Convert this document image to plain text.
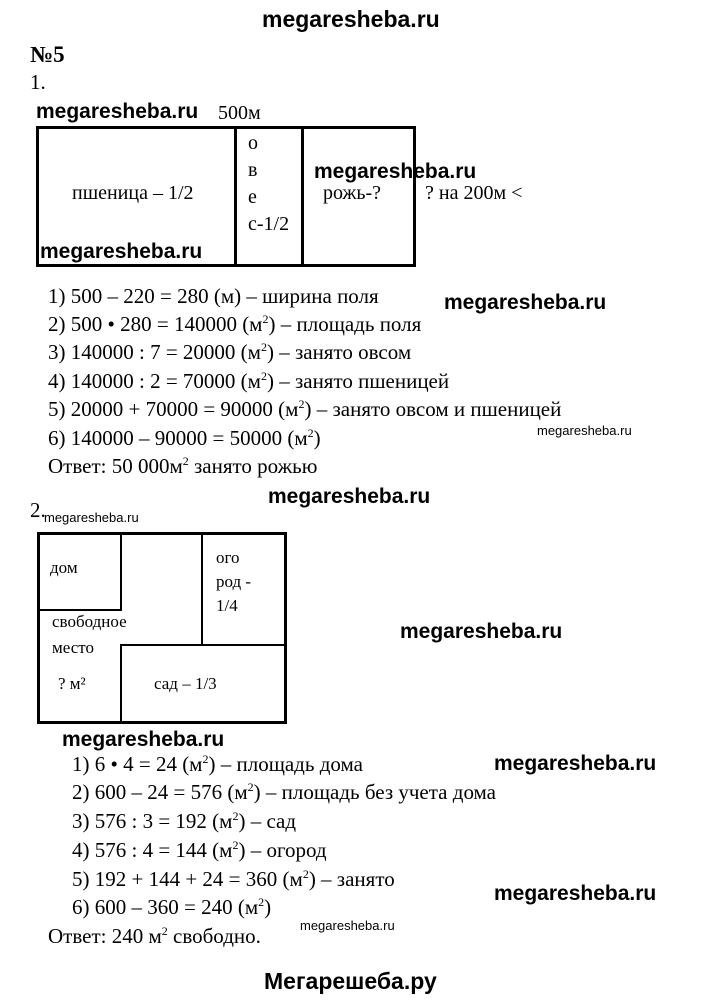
megaresheba.ru
№5
1.
megaresheba.ru 500м
пшеница – 1/2
о
в
е
с-1/2
megaresheba.ru
рожь-? ? на 200м <
megaresheba.ru
1) 500 – 220 = 280 (м) – ширина поля	megaresheba.ru
2) 500 • 280 = 140000 $(м^2)$ – площадь поля
3) 140000 : 7 = 20000 $(м^2)$ – занято овсом
4) 140000 : 2 = 70000 $(м^2)$ – занято пшеницей
5) 20000 + 70000 = 90000 $(м^2)$ – занято овсом и пшеницей
megaresheba.ru
6) 140000 – 90000 = 50000 $(м^2)$
Ответ: 50 $000м^2$ занято рожью
megaresheba.ru
2.
megaresheba.ru
дом
ого
род -
1/4
свободное
место
? м²	сад – 1/3
megaresheba.ru
megaresheba.ru
1) 6 • 4 = 24 $(м^2)$ – площадь дома	megaresheba.ru
2) 600 – 24 = 576 $(м^2)$ – площадь без учета дома
3) 576 : 3 = 192 $(м^2)$ – сад
4) 576 : 4 = 144 $(м^2)$ – огород
5) 192 + 144 + 24 = 360 $(м^2)$ – занято
megaresheba.ru
6) 600 – 360 = 240 $(м^2)$
megaresheba.ru
Ответ: 240 $м^2$ свободно.
Мегарешеба.ру
